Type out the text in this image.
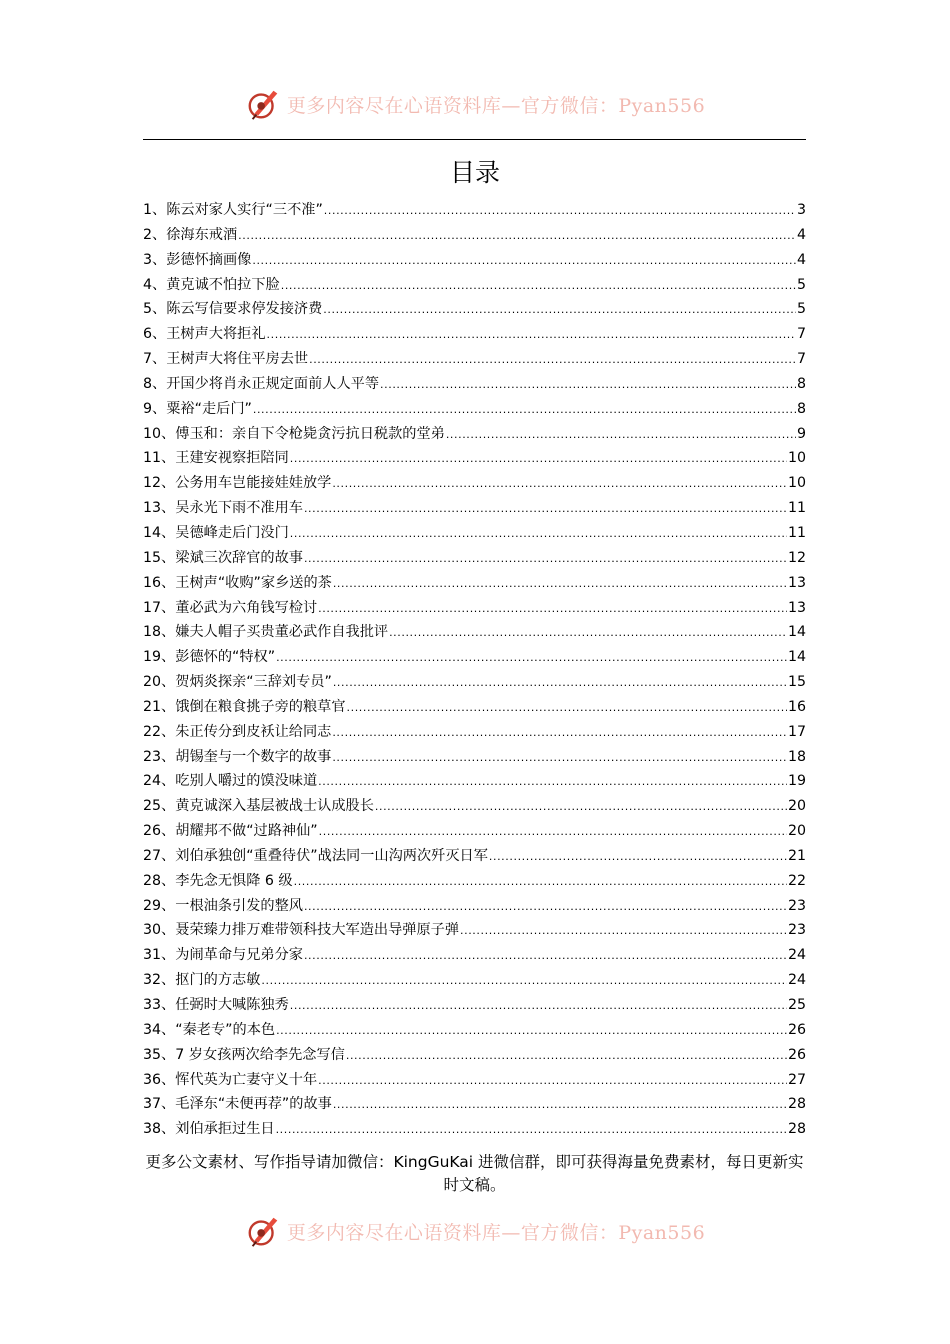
更多内容尽在心语资料库—官方微信：Pyan556
目录
1、 陈云对家人实行“三不准” .....	3
2、 徐海东戒酒 .....	4
3、 彭德怀摘画像 .....	4
4、 黄克诚不怕拉下脸 .....	5
5、 陈云写信要求停发接济费 .....	5
6、 王树声大将拒礼 .....	7
7、 王树声大将住平房去世 .....	7
8、 开国少将肖永正规定面前人人平等 .....	8
9、 粟裕“走后门” .....	8
10、 傅玉和：亲自下令枪毙贪污抗日税款的堂弟 .....	9
11、 王建安视察拒陪同 .....	10
12、 公务用车岂能接娃娃放学 .....	10
13、 吴永光下雨不准用车 .....	11
14、 吴德峰走后门没门 .....	11
15、 梁斌三次辞官的故事 .....	12
16、 王树声“收购”家乡送的茶 .....	13
17、 董必武为六角钱写检讨 .....	13
18、 嫌夫人帽子买贵董必武作自我批评 .....	14
19、 彭德怀的“特权” .....	14
20、 贺炳炎探亲“三辞刘专员” .....	15
21、 饿倒在粮食挑子旁的粮草官 .....	16
22、 朱正传分到皮袄让给同志 .....	17
23、 胡锡奎与一个数字的故事 .....	18
24、 吃别人嚼过的馍没味道 .....	19
25、 黄克诚深入基层被战士认成股长 .....	20
26、 胡耀邦不做“过路神仙” .....	20
27、 刘伯承独创“重叠待伏”战法同一山沟两次歼灭日军 .....	21
28、 李先念无惧降 6 级 .....	22
29、 一根油条引发的整风 .....	23
30、 聂荣臻力排万难带领科技大军造出导弹原子弹 .....	23
31、 为闹革命与兄弟分家 .....	24
32、 抠门的方志敏 .....	24
33、 任弼时大喊陈独秀 .....	25
34、 “秦老专”的本色 .....	26
35、 7 岁女孩两次给李先念写信 .....	26
36、 恽代英为亡妻守义十年 .....	27
37、 毛泽东“未便再荐”的故事 .....	28
38、 刘伯承拒过生日 .....	28
更多公文素材、写作指导请加微信：KingGuKai 进微信群，即可获得海量免费素材，每日更新实时文稿。
更多内容尽在心语资料库—官方微信：Pyan556
